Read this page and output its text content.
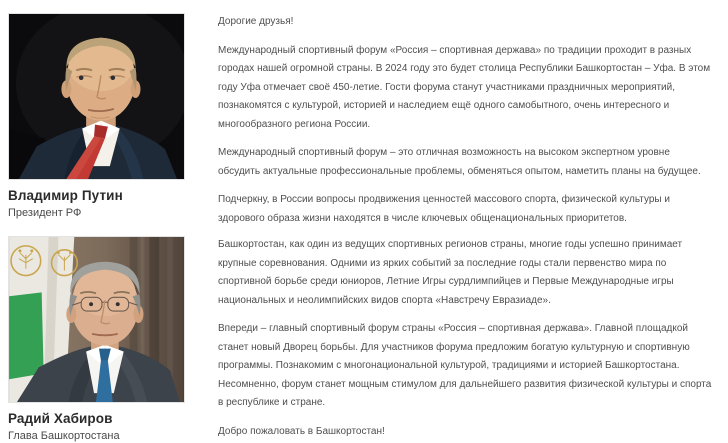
Владимир Путин
Президент РФ

Дорогие друзья!

Международный спортивный форум «Россия – спортивная держава» по традиции проходит в разных городах нашей огромной страны. В 2024 году это будет столица Республики Башкортостан – Уфа. В этом году Уфа отмечает своё 450-летие. Гости форума станут участниками праздничных мероприятий, познакомятся с культурой, историей и наследием ещё одного самобытного, очень интересного и многообразного региона России.

Международный спортивный форум – это отличная возможность на высоком экспертном уровне обсудить актуальные профессиональные проблемы, обменяться опытом, наметить планы на будущее.

Подчеркну, в России вопросы продвижения ценностей массового спорта, физической культуры и здорового образа жизни находятся в числе ключевых общенациональных приоритетов.

Радий Хабиров
Глава Башкортостана

Башкортостан, как один из ведущих спортивных регионов страны, многие годы успешно принимает крупные соревнования. Одними из ярких событий за последние годы стали первенство мира по спортивной борьбе среди юниоров, Летние Игры сурдлимпийцев и Первые Международные игры национальных и неолимпийских видов спорта «Навстречу Евразиаде».

Впереди – главный спортивный форум страны «Россия – спортивная держава». Главной площадкой станет новый Дворец борьбы. Для участников форума предложим богатую культурную и спортивную программы. Познакомим с многонациональной культурой, традициями и историей Башкортостана. Несомненно, форум станет мощным стимулом для дальнейшего развития физической культуры и спорта в республике и стране.

Добро пожаловать в Башкортостан!
